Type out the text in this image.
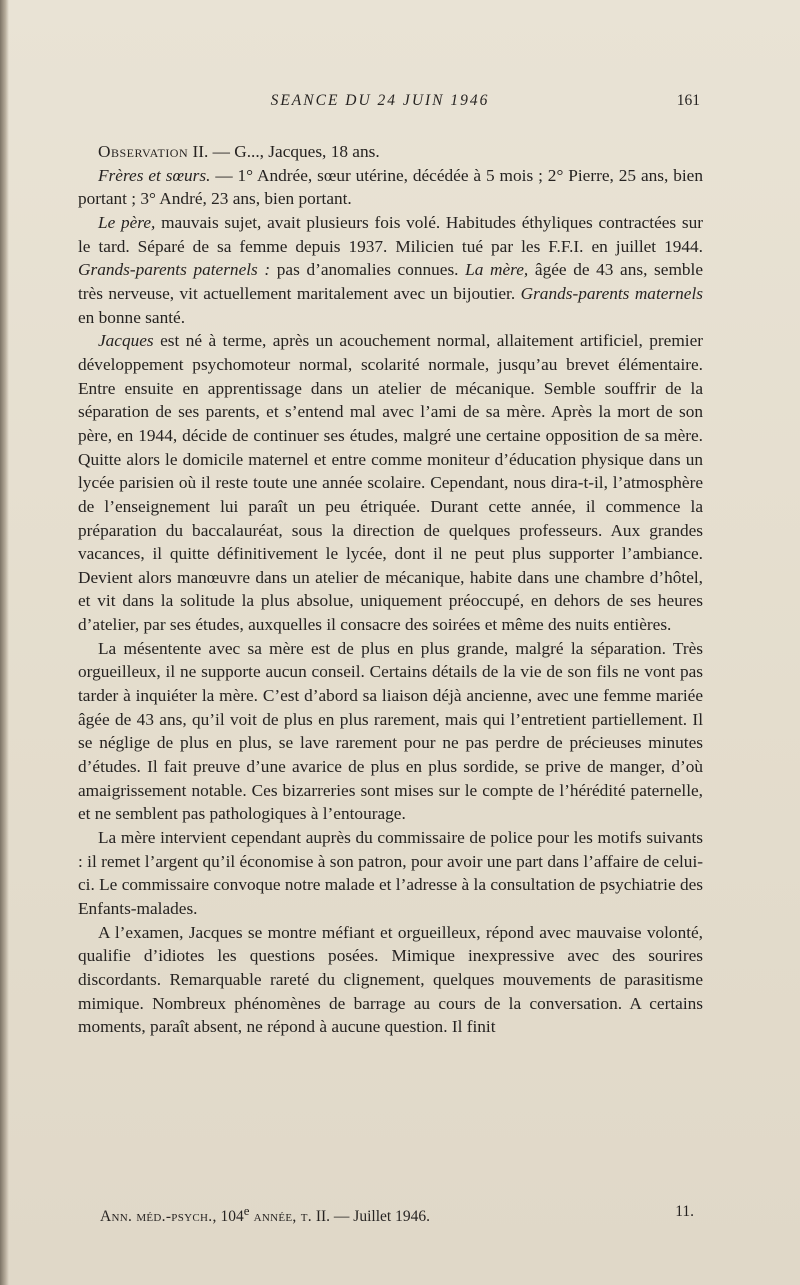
SEANCE DU 24 JUIN 1946	161

Observation II. — G..., Jacques, 18 ans.

Frères et sœurs. — 1° Andrée, sœur utérine, décédée à 5 mois ; 2° Pierre, 25 ans, bien portant ; 3° André, 23 ans, bien portant.

Le père, mauvais sujet, avait plusieurs fois volé. Habitudes éthyliques contractées sur le tard. Séparé de sa femme depuis 1937. Milicien tué par les F.F.I. en juillet 1944. Grands-parents paternels : pas d’anomalies connues. La mère, âgée de 43 ans, semble très nerveuse, vit actuellement maritalement avec un bijoutier. Grands-parents maternels en bonne santé.

Jacques est né à terme, après un acouchement normal, allaitement artificiel, premier développement psychomoteur normal, scolarité normale, jusqu’au brevet élémentaire. Entre ensuite en apprentissage dans un atelier de mécanique. Semble souffrir de la séparation de ses parents, et s’entend mal avec l’ami de sa mère. Après la mort de son père, en 1944, décide de continuer ses études, malgré une certaine opposition de sa mère. Quitte alors le domicile maternel et entre comme moniteur d’éducation physique dans un lycée parisien où il reste toute une année scolaire. Cependant, nous dira-t-il, l’atmosphère de l’enseignement lui paraît un peu étriquée. Durant cette année, il commence la préparation du baccalauréat, sous la direction de quelques professeurs. Aux grandes vacances, il quitte définitivement le lycée, dont il ne peut plus supporter l’ambiance. Devient alors manœuvre dans un atelier de mécanique, habite dans une chambre d’hôtel, et vit dans la solitude la plus absolue, uniquement préoccupé, en dehors de ses heures d’atelier, par ses études, auxquelles il consacre des soirées et même des nuits entières.

La mésentente avec sa mère est de plus en plus grande, malgré la séparation. Très orgueilleux, il ne supporte aucun conseil. Certains détails de la vie de son fils ne vont pas tarder à inquiéter la mère. C’est d’abord sa liaison déjà ancienne, avec une femme mariée âgée de 43 ans, qu’il voit de plus en plus rarement, mais qui l’entretient partiellement. Il se néglige de plus en plus, se lave rarement pour ne pas perdre de précieuses minutes d’études. Il fait preuve d’une avarice de plus en plus sordide, se prive de manger, d’où amaigrissement notable. Ces bizarreries sont mises sur le compte de l’hérédité paternelle, et ne semblent pas pathologiques à l’entourage.

La mère intervient cependant auprès du commissaire de police pour les motifs suivants : il remet l’argent qu’il économise à son patron, pour avoir une part dans l’affaire de celui-ci. Le commissaire convoque notre malade et l’adresse à la consultation de psychiatrie des Enfants-malades.

A l’examen, Jacques se montre méfiant et orgueilleux, répond avec mauvaise volonté, qualifie d’idiotes les questions posées. Mimique inexpressive avec des sourires discordants. Remarquable rareté du clignement, quelques mouvements de parasitisme mimique. Nombreux phénomènes de barrage au cours de la conversation. A certains moments, paraît absent, ne répond à aucune question. Il finit

Ann. méd.-psych., 104e année, t. II. — Juillet 1946.	11.
